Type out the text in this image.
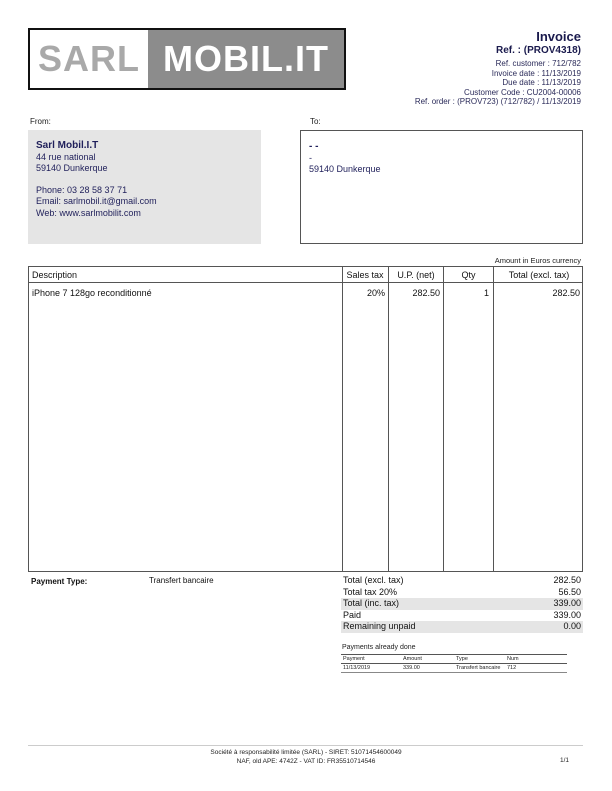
SARL MOBIL.IT
Invoice
Ref. : (PROV4318)
Ref. customer : 712/782
Invoice date : 11/13/2019
Due date : 11/13/2019
Customer Code : CU2004-00006
Ref. order : (PROV723) (712/782) / 11/13/2019
From:	To:
Sarl Mobil.I.T
44 rue national
59140 Dunkerque
Phone: 03 28 58 37 71
Email: sarlmobil.it@gmail.com
Web: www.sarlmobilit.com
- -
-
59140 Dunkerque
Amount in Euros currency
Description	Sales tax	U.P. (net)	Qty	Total (excl. tax)
iPhone 7 128go reconditionné	20%	282.50	1	282.50
Payment Type:	Transfert bancaire	Total (excl. tax)	282.50
Total tax 20%	56.50
Total (inc. tax)	339.00
Paid	339.00
Remaining unpaid	0.00
Payments already done
Payment	Amount	Type	Num
11/13/2019	339.00	Transfert bancaire 712
Société à responsabilité limitée (SARL) - SIRET: 51071454600049
NAF, old APE: 4742Z - VAT ID: FR35510714546	1/1
